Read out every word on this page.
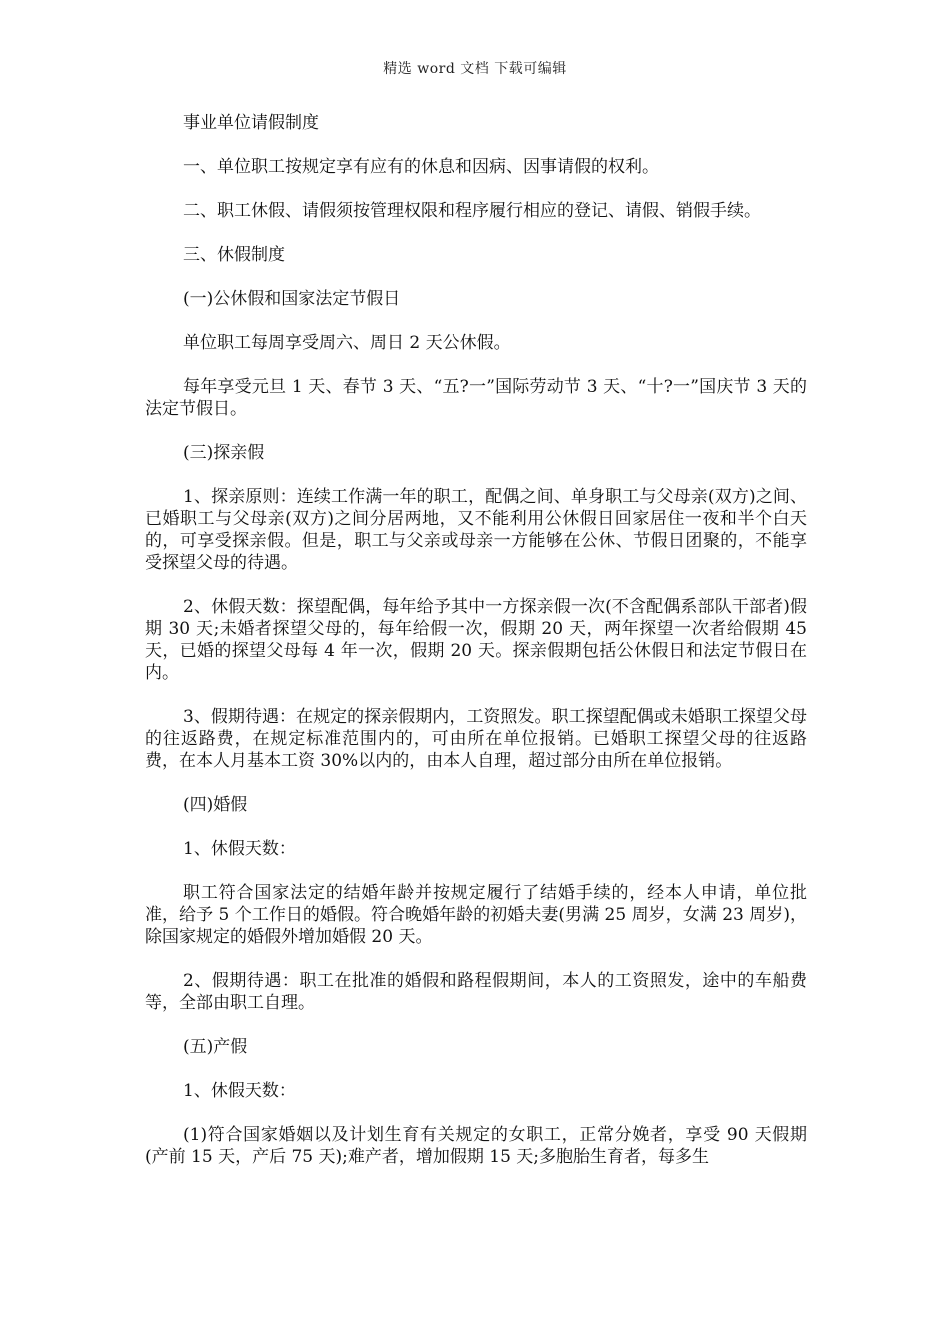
精选 word 文档 下载可编辑

事业单位请假制度

一、单位职工按规定享有应有的休息和因病、因事请假的权利。

二、职工休假、请假须按管理权限和程序履行相应的登记、请假、销假手续。

三、休假制度

(一)公休假和国家法定节假日

单位职工每周享受周六、周日 2 天公休假。

每年享受元旦 1 天、春节 3 天、“五?一”国际劳动节 3 天、“十?一”国庆节 3 天的法定节假日。

(三)探亲假

1、探亲原则：连续工作满一年的职工，配偶之间、单身职工与父母亲(双方)之间、已婚职工与父母亲(双方)之间分居两地，又不能利用公休假日回家居住一夜和半个白天的，可享受探亲假。但是，职工与父亲或母亲一方能够在公休、节假日团聚的，不能享受探望父母的待遇。

2、休假天数：探望配偶，每年给予其中一方探亲假一次(不含配偶系部队干部者)假期 30 天;未婚者探望父母的，每年给假一次，假期 20 天，两年探望一次者给假期 45 天，已婚的探望父母每 4 年一次，假期 20 天。探亲假期包括公休假日和法定节假日在内。

3、假期待遇：在规定的探亲假期内，工资照发。职工探望配偶或未婚职工探望父母的往返路费，在规定标准范围内的，可由所在单位报销。已婚职工探望父母的往返路费，在本人月基本工资 30%以内的，由本人自理，超过部分由所在单位报销。

(四)婚假

1、休假天数：

职工符合国家法定的结婚年龄并按规定履行了结婚手续的，经本人申请，单位批准，给予 5 个工作日的婚假。符合晚婚年龄的初婚夫妻(男满 25 周岁，女满 23 周岁)，除国家规定的婚假外增加婚假 20 天。

2、假期待遇：职工在批准的婚假和路程假期间，本人的工资照发，途中的车船费等，全部由职工自理。

(五)产假

1、休假天数：

(1)符合国家婚姻以及计划生育有关规定的女职工，正常分娩者，享受 90 天假期 (产前 15 天，产后 75 天);难产者，增加假期 15 天;多胞胎生育者，每多生
